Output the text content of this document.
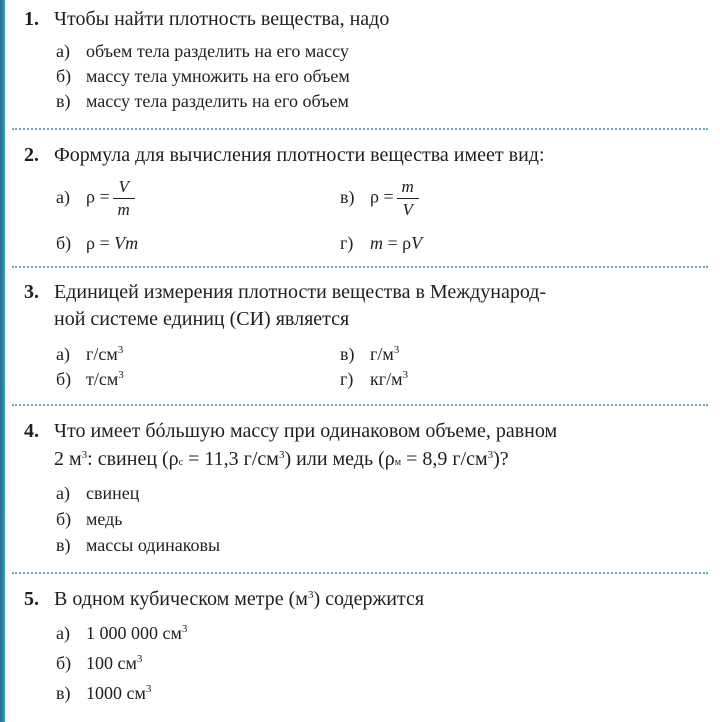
1. Чтобы найти плотность вещества, надо
а) объем тела разделить на его массу
б) массу тела умножить на его объем
в) массу тела разделить на его объем
2. Формула для вычисления плотности вещества имеет вид:
а) $\rho = \frac{V}{m}$	в) $\rho = \frac{m}{V}$
б) ρ = Vm	г) m = ρV
3. Единицей измерения плотности вещества в Международ-
ной системе единиц (СИ) является
а) $г/см^3$	в) $г/м^3$
б) $т/см^3$	г) $кг/м^3$
4. Что имеет бóльшую массу при одинаковом объеме, равном
2 $м^3$: свинец ($\rho_с = 11,3$ $г/см^3$) или медь ($\rho_м = 8,9$ $г/см^3$)?
а) свинец
б) медь
в) массы одинаковы
5. В одном кубическом метре $(м^3)$ содержится
а) 1 000 000 $см^3$
б) 100 $см^3$
в) 1000 $см^3$
